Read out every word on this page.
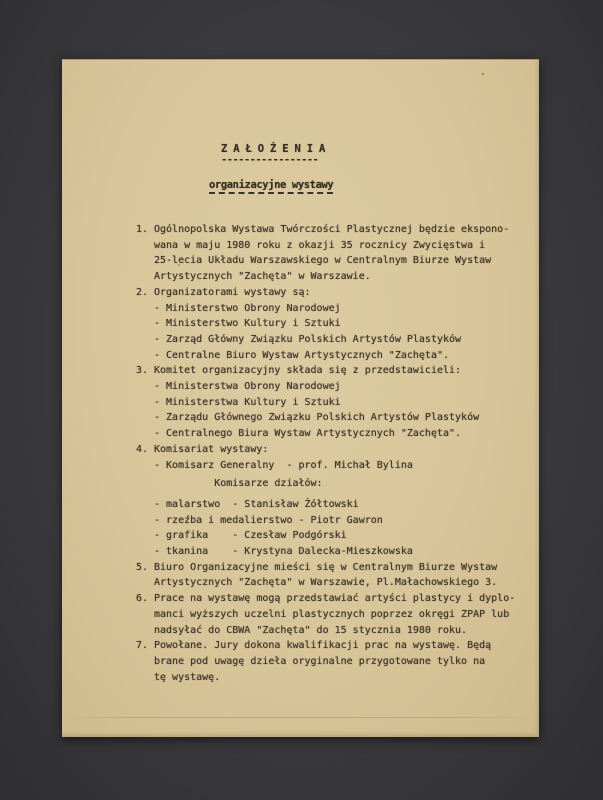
Z A Ł O Ż E N I A
-----------------
organizacyjne wystawy
1. Ogólnopolska Wystawa Twórczości Plastycznej będzie ekspono-
wana w maju 1980 roku z okazji 35 rocznicy Zwycięstwa i
25-lecia Układu Warszawskiego w Centralnym Biurze Wystaw
Artystycznych "Zachęta" w Warszawie.
2. Organizatorami wystawy są:
- Ministerstwo Obrony Narodowej
- Ministerstwo Kultury i Sztuki
- Zarząd Główny Związku Polskich Artystów Plastyków
- Centralne Biuro Wystaw Artystycznych "Zachęta".
3. Komitet organizacyjny składa się z przedstawicieli:
- Ministerstwa Obrony Narodowej
- Ministerstwa Kultury i Sztuki
- Zarządu Głównego Związku Polskich Artystów Plastyków
- Centralnego Biura Wystaw Artystycznych "Zachęta".
4. Komisariat wystawy:
- Komisarz Generalny  - prof. Michał Bylina
Komisarze działów:
- malarstwo  - Stanisław Żółtowski
- rzeźba i medalierstwo - Piotr Gawron
- grafika    - Czesław Podgórski
- tkanina    - Krystyna Dalecka-Mieszkowska
5. Biuro Organizacyjne mieści się w Centralnym Biurze Wystaw
Artystycznych "Zachęta" w Warszawie, Pl.Małachowskiego 3.
6. Prace na wystawę mogą przedstawiać artyści plastycy i dyplo-
manci wyższych uczelni plastycznych poprzez okręgi ZPAP lub
nadsyłać do CBWA "Zachęta" do 15 stycznia 1980 roku.
7. Powołane. Jury dokona kwalifikacji prac na wystawę. Będą
brane pod uwagę dzieła oryginalne przygotowane tylko na
tę wystawę.
